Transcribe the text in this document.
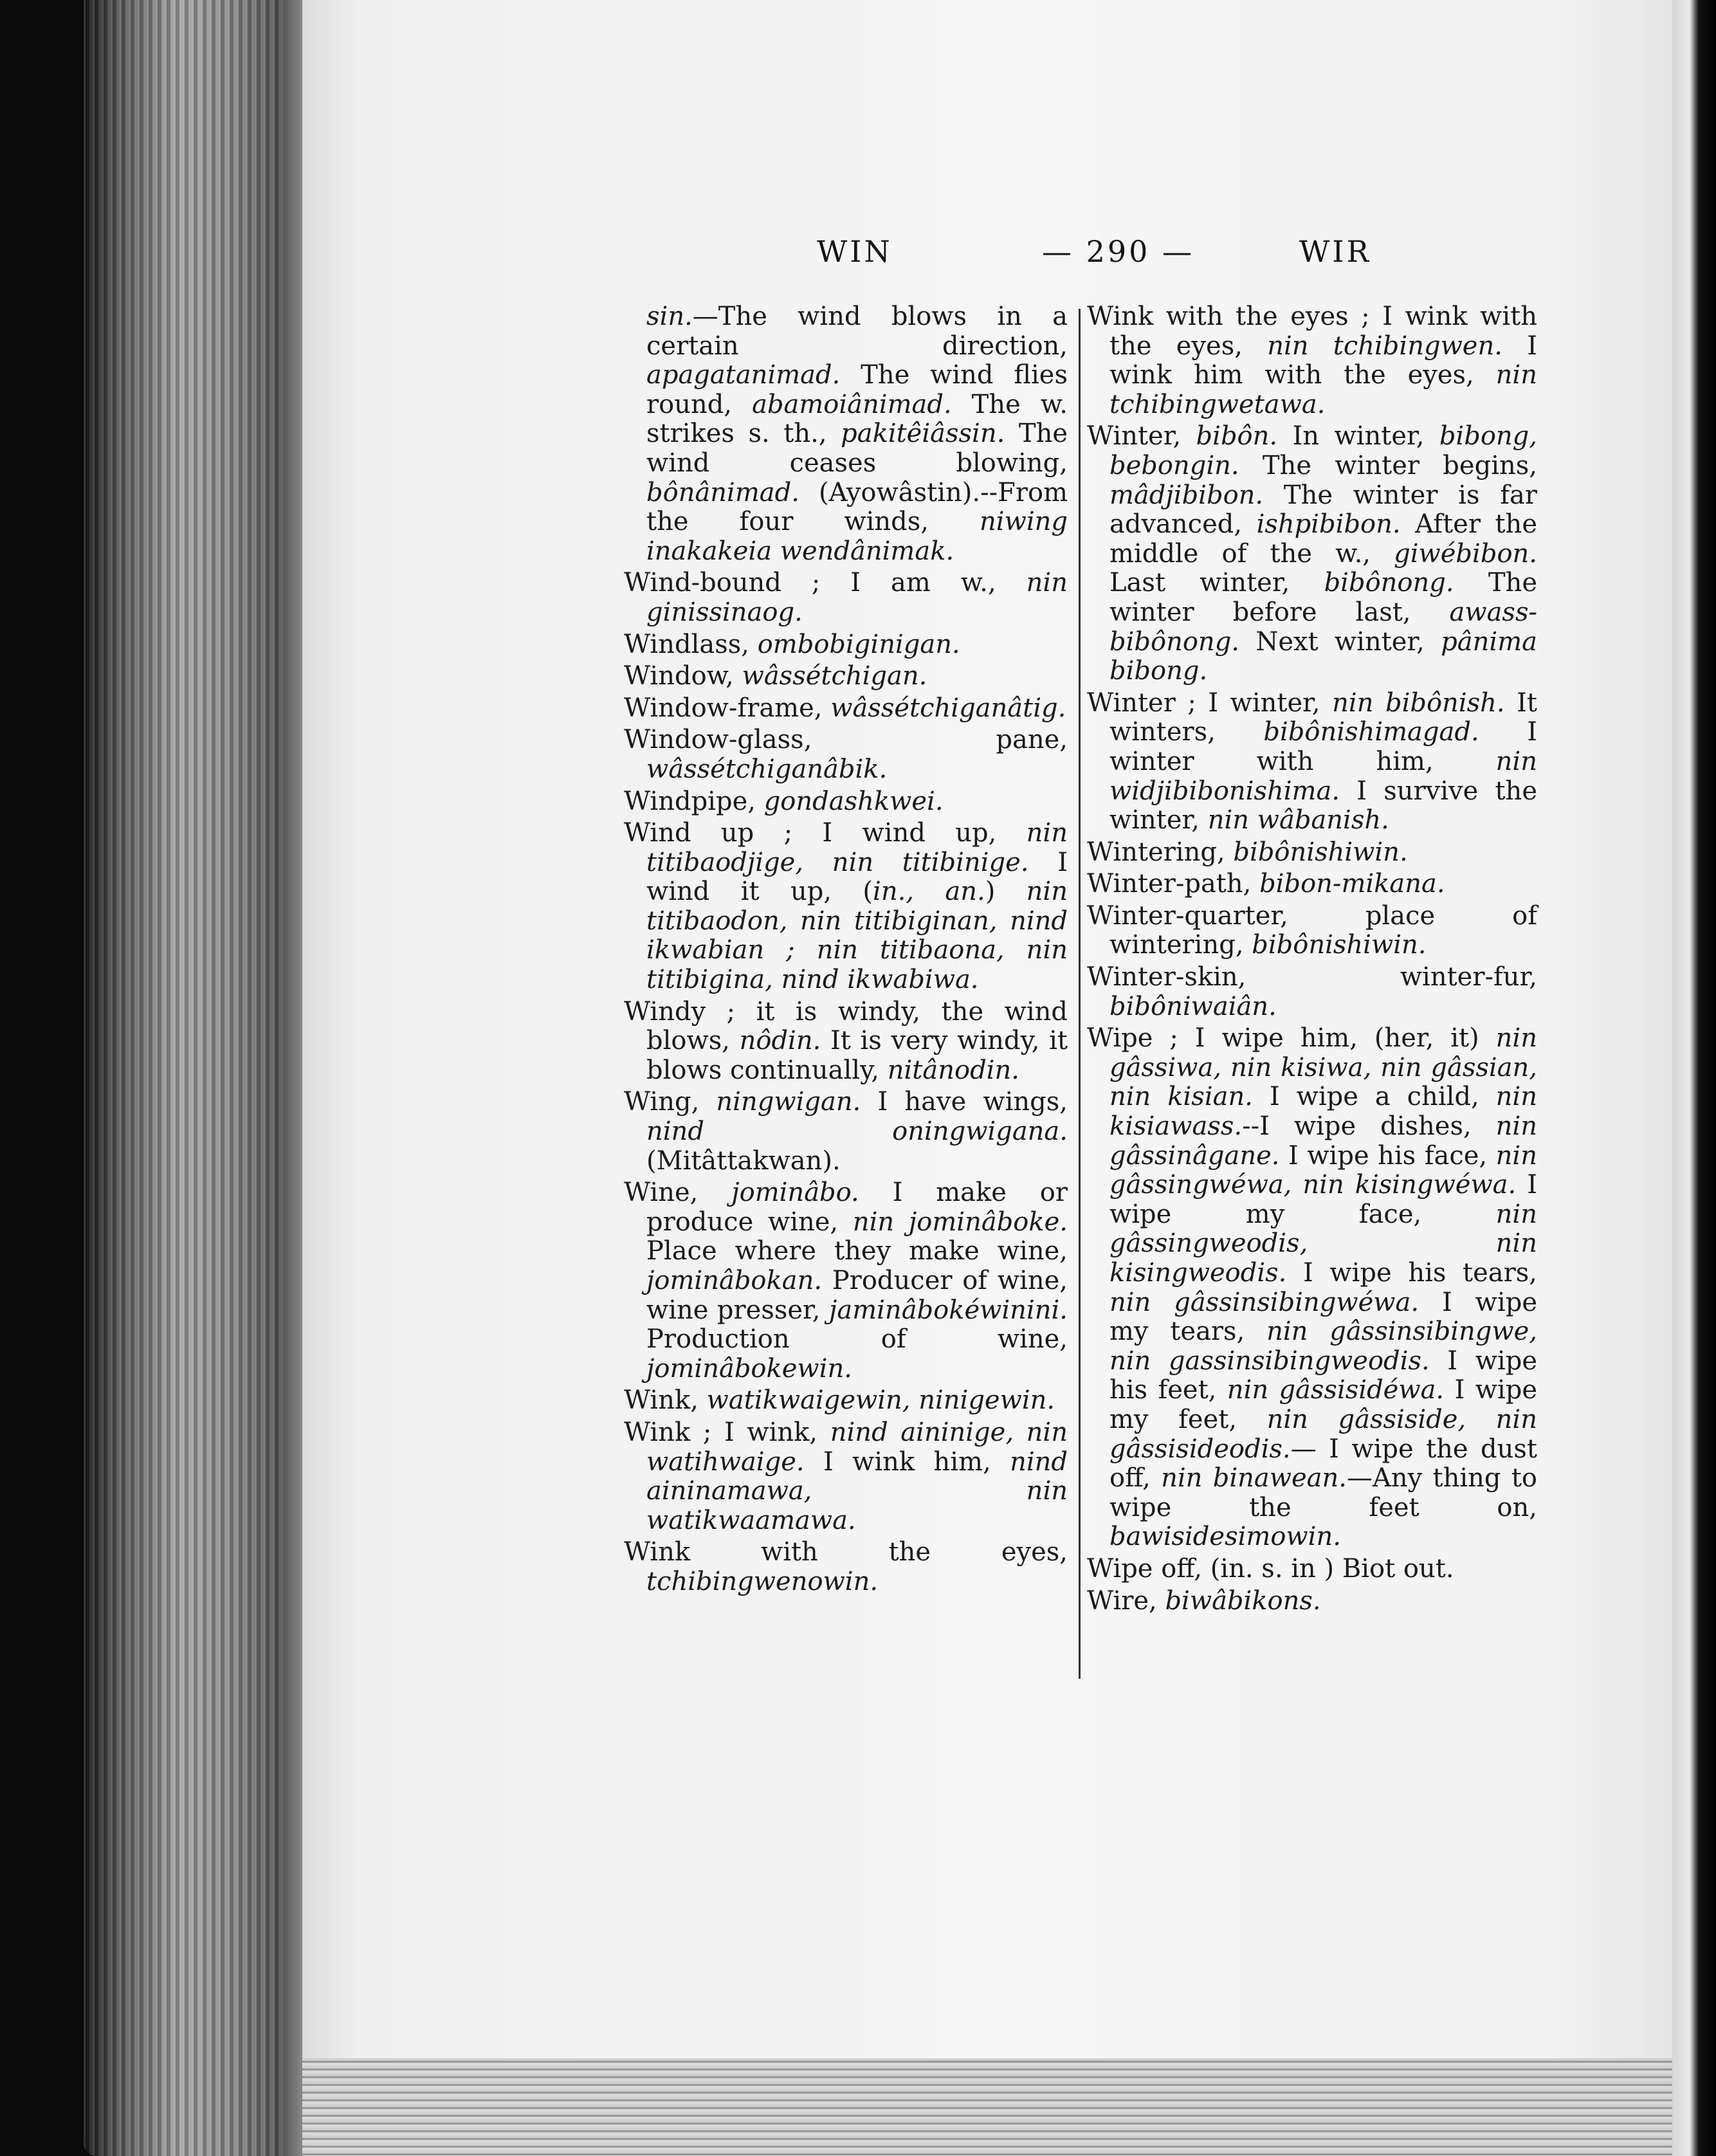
WIN	— 290 —	WIR
sin.—The wind blows in a certain direction, apagatanimad. The wind flies round, abamoiânimad. The w. strikes s. th., pakitêiâssin. The wind ceases blowing, bônânimad. (Ayowâstin).--From the four winds, niwing inakakeia wendânimak.
Wind-bound ; I am w., nin ginissinaog.
Windlass, ombobiginigan.
Window, wâssétchigan.
Window-frame, wâssétchiganâtig.
Window-glass, pane, wâssétchiganâbik.
Windpipe, gondashkwei.
Wind up ; I wind up, nin titibaodjige, nin titibinige. I wind it up, (in., an.) nin titibaodon, nin titibiginan, nind ikwabian ; nin titibaona, nin titibigina, nind ikwabiwa.
Windy ; it is windy, the wind blows, nôdin. It is very windy, it blows continually, nitânodin.
Wing, ningwigan. I have wings, nind oningwigana. (Mitâttakwan).
Wine, jominâbo. I make or produce wine, nin jominâboke. Place where they make wine, jominâbokan. Producer of wine, wine presser, jaminâbokéwinini. Production of wine, jominâbokewin.
Wink, watikwaigewin, ninigewin.
Wink ; I wink, nind aininige, nin watihwaige. I wink him, nind aininamawa, nin watikwaamawa.
Wink with the eyes, tchibingwenowin.
Wink with the eyes ; I wink with the eyes, nin tchibingwen. I wink him with the eyes, nin tchibingwetawa.
Winter, bibôn. In winter, bibong, bebongin. The winter begins, mâdjibibon. The winter is far advanced, ishpibibon. After the middle of the w., giwébibon. Last winter, bibônong. The winter before last, awass-bibônong. Next winter, pânima bibong.
Winter ; I winter, nin bibônish. It winters, bibônishimagad. I winter with him, nin widjibibonishima. I survive the winter, nin wâbanish.
Wintering, bibônishiwin.
Winter-path, bibon-mikana.
Winter-quarter, place of wintering, bibônishiwin.
Winter-skin, winter-fur, bibôniwaiân.
Wipe ; I wipe him, (her, it) nin gâssiwa, nin kisiwa, nin gâssian, nin kisian. I wipe a child, nin kisiawass.--I wipe dishes, nin gâssinâgane. I wipe his face, nin gâssingwéwa, nin kisingwéwa. I wipe my face, nin gâssingweodis, nin kisingweodis. I wipe his tears, nin gâssinsibingwéwa. I wipe my tears, nin gâssinsibingwe, nin gassinsibingweodis. I wipe his feet, nin gâssisidéwa. I wipe my feet, nin gâssiside, nin gâssisideodis.— I wipe the dust off, nin binawean.—Any thing to wipe the feet on, bawisidesimowin.
Wipe off, (in. s. in ) Biot out.
Wire, biwâbikons.
